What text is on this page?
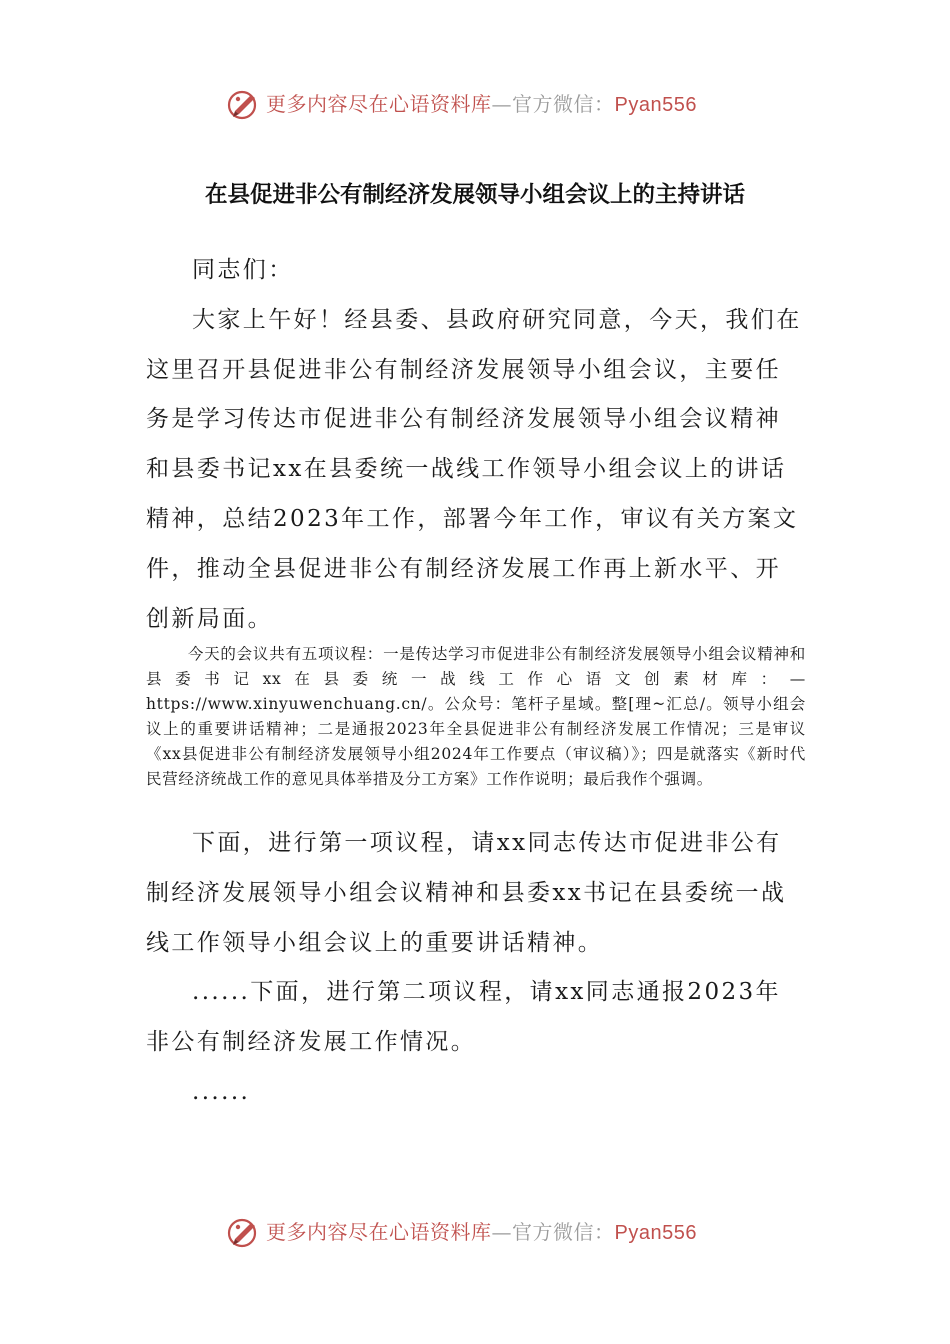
更多内容尽在心语资料库—官方微信：Pyan556
在县促进非公有制经济发展领导小组会议上的主持讲话

同志们：

大家上午好！经县委、县政府研究同意，今天，我们在这里召开县促进非公有制经济发展领导小组会议，主要任务是学习传达市促进非公有制经济发展领导小组会议精神和县委书记xx在县委统一战线工作领导小组会议上的讲话精神，总结2023年工作，部署今年工作，审议有关方案文件，推动全县促进非公有制经济发展工作再上新水平、开创新局面。

今天的会议共有五项议程：一是传达学习市促进非公有制经济发展领导小组会议精神和县委书记xx在县委统一战线工作心语文创素材库：—https://www.xinyuwenchuang.cn/。公众号：笔杆子星域。整[理~汇总/。领导小组会议上的重要讲话精神；二是通报2023年全县促进非公有制经济发展工作情况；三是审议《xx县促进非公有制经济发展领导小组2024年工作要点（审议稿）》；四是就落实《新时代民营经济统战工作的意见具体举措及分工方案》工作作说明；最后我作个强调。

下面，进行第一项议程，请xx同志传达市促进非公有制经济发展领导小组会议精神和县委xx书记在县委统一战线工作领导小组会议上的重要讲话精神。

......下面，进行第二项议程，请xx同志通报2023年非公有制经济发展工作情况。

......

更多内容尽在心语资料库—官方微信：Pyan556
